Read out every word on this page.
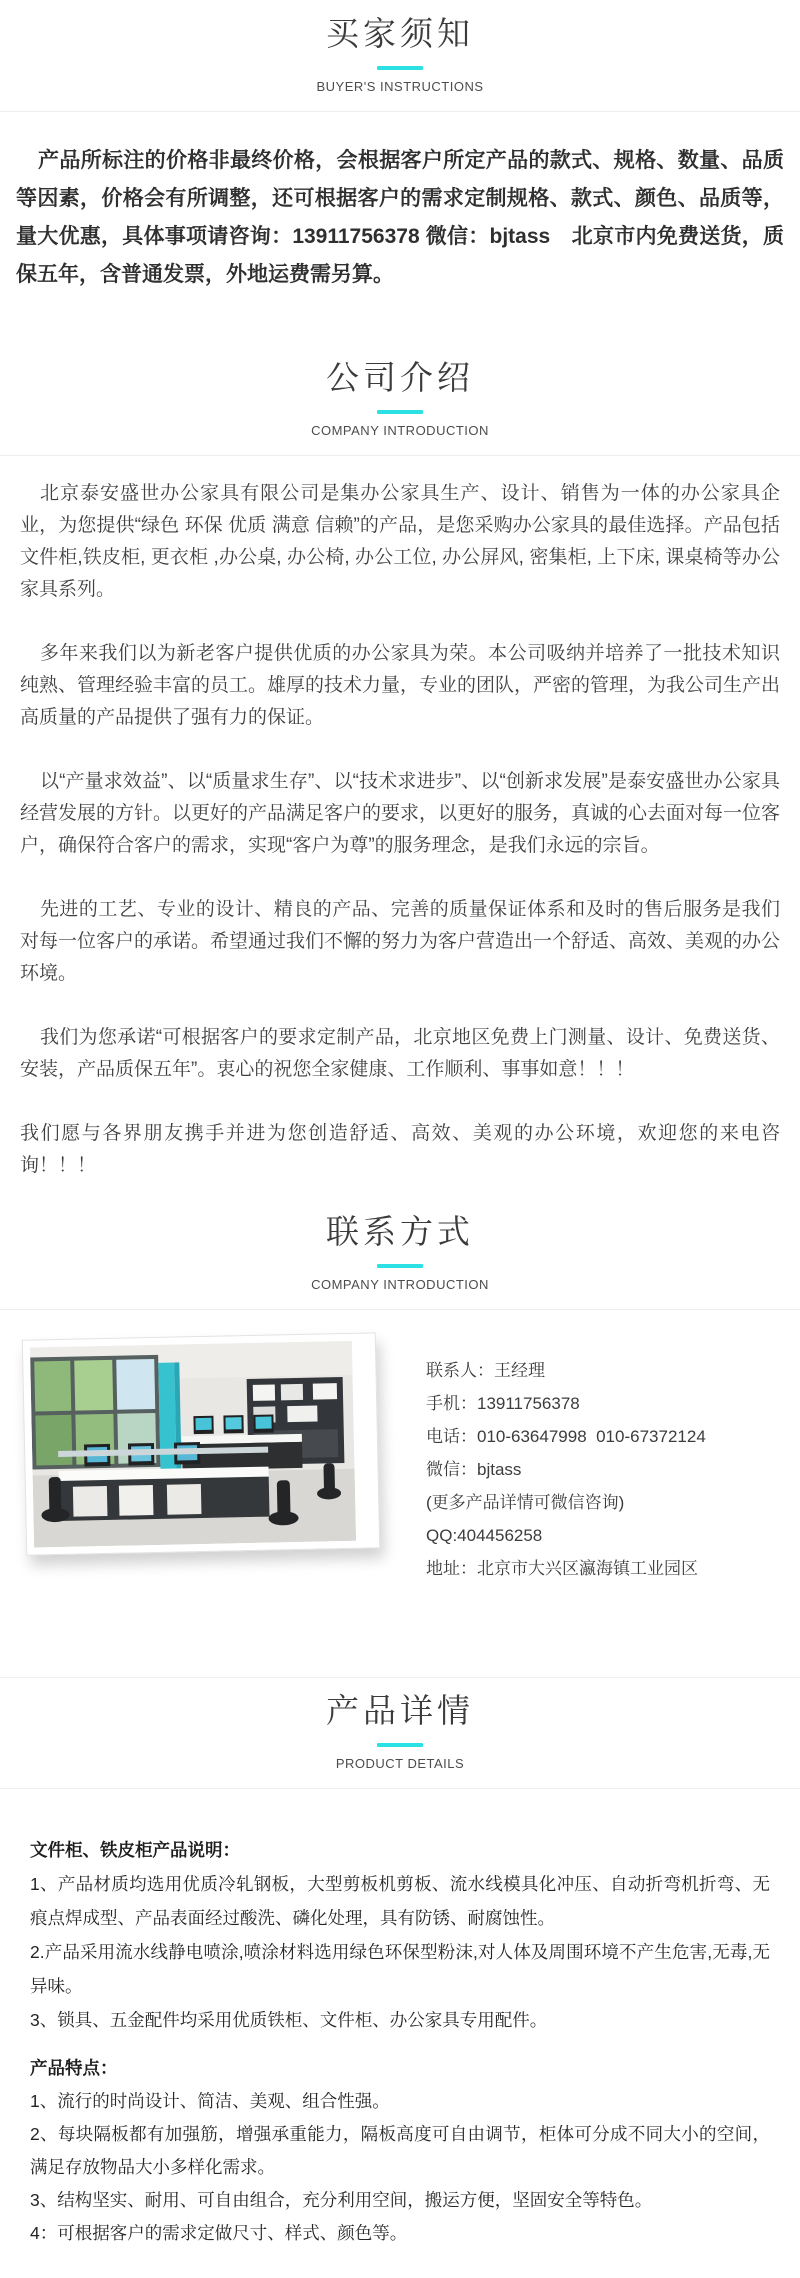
买家须知
BUYER'S INSTRUCTIONS

产品所标注的价格非最终价格，会根据客户所定产品的款式、规格、数量、品质等因素，价格会有所调整，还可根据客户的需求定制规格、款式、颜色、品质等，量大优惠，具体事项请咨询：13911756378 微信：bjtass　北京市内免费送货，质保五年，含普通发票，外地运费需另算。

公司介绍
COMPANY INTRODUCTION

北京泰安盛世办公家具有限公司是集办公家具生产、设计、销售为一体的办公家具企业，为您提供“绿色 环保 优质 满意 信赖”的产品，是您采购办公家具的最佳选择。产品包括文件柜,铁皮柜, 更衣柜 ,办公桌, 办公椅, 办公工位, 办公屏风, 密集柜, 上下床, 课桌椅等办公家具系列。

多年来我们以为新老客户提供优质的办公家具为荣。本公司吸纳并培养了一批技术知识纯熟、管理经验丰富的员工。雄厚的技术力量，专业的团队，严密的管理，为我公司生产出高质量的产品提供了强有力的保证。

以“产量求效益”、以“质量求生存”、以“技术求进步”、以“创新求发展”是泰安盛世办公家具经营发展的方针。以更好的产品满足客户的要求，以更好的服务，真诚的心去面对每一位客户，确保符合客户的需求，实现“客户为尊”的服务理念，是我们永远的宗旨。

先进的工艺、专业的设计、精良的产品、完善的质量保证体系和及时的售后服务是我们对每一位客户的承诺。希望通过我们不懈的努力为客户营造出一个舒适、高效、美观的办公环境。

我们为您承诺“可根据客户的要求定制产品，北京地区免费上门测量、设计、免费送货、安装，产品质保五年”。衷心的祝您全家健康、工作顺利、事事如意！！！

我们愿与各界朋友携手并进为您创造舒适、高效、美观的办公环境，欢迎您的来电咨询！！！

联系方式
COMPANY INTRODUCTION
联系人：王经理
手机：13911756378
电话：010-63647998  010-67372124
微信：bjtass
(更多产品详情可微信咨询)
QQ:404456258
地址：北京市大兴区瀛海镇工业园区
产品详情
PRODUCT DETAILS

文件柜、铁皮柜产品说明：

1、产品材质均选用优质冷轧钢板，大型剪板机剪板、流水线模具化冲压、自动折弯机折弯、无痕点焊成型、产品表面经过酸洗、磷化处理，具有防锈、耐腐蚀性。

2.产品采用流水线静电喷涂,喷涂材料选用绿色环保型粉沫,对人体及周围环境不产生危害,无毒,无异味。

3、锁具、五金配件均采用优质铁柜、文件柜、办公家具专用配件。

产品特点：

1、流行的时尚设计、简洁、美观、组合性强。

2、每块隔板都有加强筋，增强承重能力，隔板高度可自由调节，柜体可分成不同大小的空间，满足存放物品大小多样化需求。

3、结构坚实、耐用、可自由组合，充分利用空间，搬运方便，坚固安全等特色。

4：可根据客户的需求定做尺寸、样式、颜色等。
